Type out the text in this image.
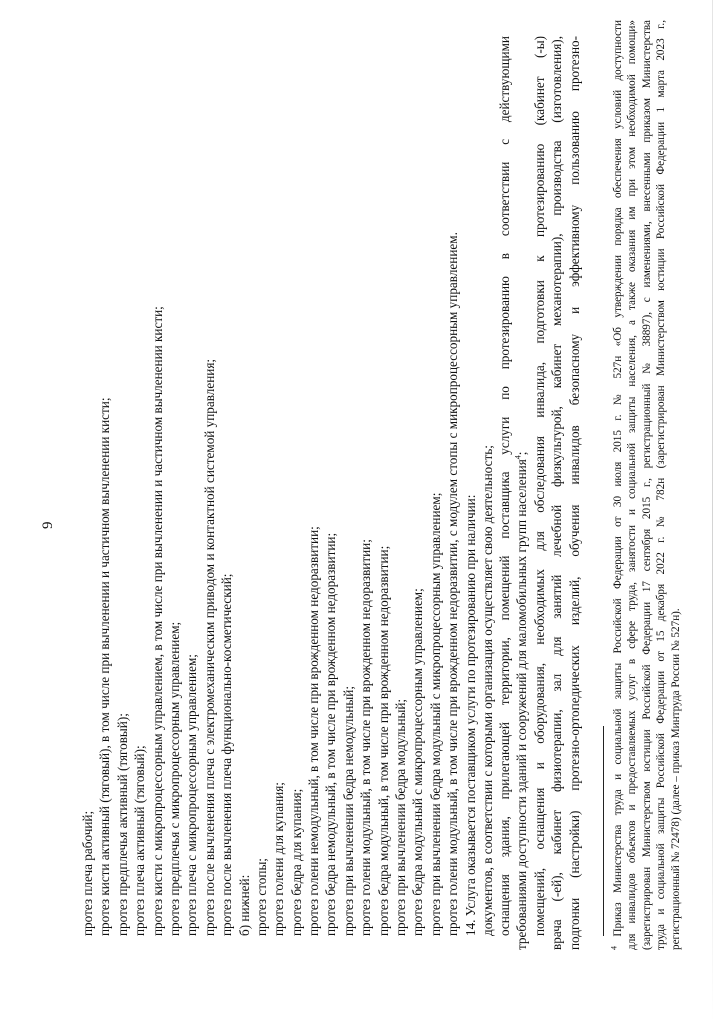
9
протез плеча рабочий; протез кисти активный (тяговый), в том числе при вычленении и частичном вычленении кисти; протез предплечья активный (тяговый); протез плеча активный (тяговый); протез кисти с микропроцессорным управлением, в том числе при вычленении и частичном вычленении кисти; протез предплечья с микропроцессорным управлением; протез плеча с микропроцессорным управлением; протез после вычленения плеча с электромеханическим приводом и контактной системой управления; протез после вычленения плеча функционально-косметический; б) нижней: протез стопы; протез голени для купания; протез бедра для купания; протез голени немодульный, в том числе при врожденном недоразвитии; протез бедра немодульный, в том числе при врожденном недоразвитии; протез при вычленении бедра немодульный; протез голени модульный, в том числе при врожденном недоразвитии; протез бедра модульный, в том числе при врожденном недоразвитии; протез при вычленении бедра модульный; протез бедра модульный с микропроцессорным управлением; протез при вычленении бедра модульный с микропроцессорным управлением; протез голени модульный, в том числе при врожденном недоразвитии, с модулем стопы с микропроцессорным управлением. 14. Услуга оказывается поставщиком услуги по протезированию при наличии: документов, в соответствии с которыми организация осуществляет свою деятельность; оснащения здания, прилегающей территории, помещений поставщика услуги по протезированию в соответствии с действующими требованиями доступности зданий и сооружений для маломобильных групп населения$^4$; помещений, оснащения и оборудования, необходимых для обследования инвалида, подготовки к протезированию (кабинет (-ы) врача (-ей), кабинет физиотерапии, зал для занятий лечебной физкультурой, кабинет механотерапии), производства (изготовления), подгонки (настройки) протезно-ортопедических изделий, обучения инвалидов безопасному и эффективному пользованию протезно-	$^4$ Приказ Министерства труда и социальной защиты Российской Федерации от 30 июля 2015 г. № 527н «Об утверждении порядка обеспечения условий доступности для инвалидов объектов и предоставляемых услуг в сфере труда, занятости и социальной защиты населения, а также оказания им при этом необходимой помощи» (зарегистрирован Министерством юстиции Российской Федерации 17 сентября 2015 г., регистрационный № 38897), с изменениями, внесенными приказом Министерства труда и социальной защиты Российской Федерации от 15 декабря 2022 г. № 782н (зарегистрирован Министерством юстиции Российской Федерации 1 марта 2023 г., регистрационный № 72478) (далее – приказ Минтруда России № 527н).
